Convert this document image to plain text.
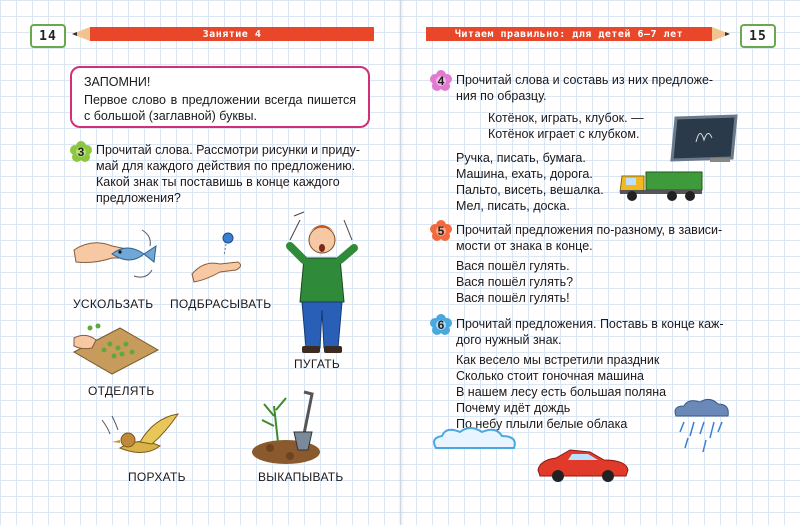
14	Занятие 4	Читаем правильно: для детей 6–7 лет	15
ЗАПОМНИ!
Первое слово в предложении всегда пишется с большой (заглавной) буквы.
3 Прочитай слова. Рассмотри рисунки и приду-
май для каждого действия по предложению.
Какой знак ты поставишь в конце каждого
предложения?
УСКОЛЬЗАТЬ ПОДБРАСЫВАТЬ
ПУГАТЬ
ОТДЕЛЯТЬ
ПОРХАТЬ	ВЫКАПЫВАТЬ
4 Прочитай слова и составь из них предложе-
ния по образцу.
Котёнок, играть, клубок. —
Котёнок играет с клубком.
Ручка, писать, бумага.
Машина, ехать, дорога.
Пальто, висеть, вешалка.
Мел, писать, доска.
5 Прочитай предложения по-разному, в зависи-
мости от знака в конце.
Вася пошёл гулять.
Вася пошёл гулять?
Вася пошёл гулять!
6 Прочитай предложения. Поставь в конце каж-
дого нужный знак.
Как весело мы встретили праздник
Сколько стоит гоночная машина
В нашем лесу есть большая поляна
Почему идёт дождь
По небу плыли белые облака
